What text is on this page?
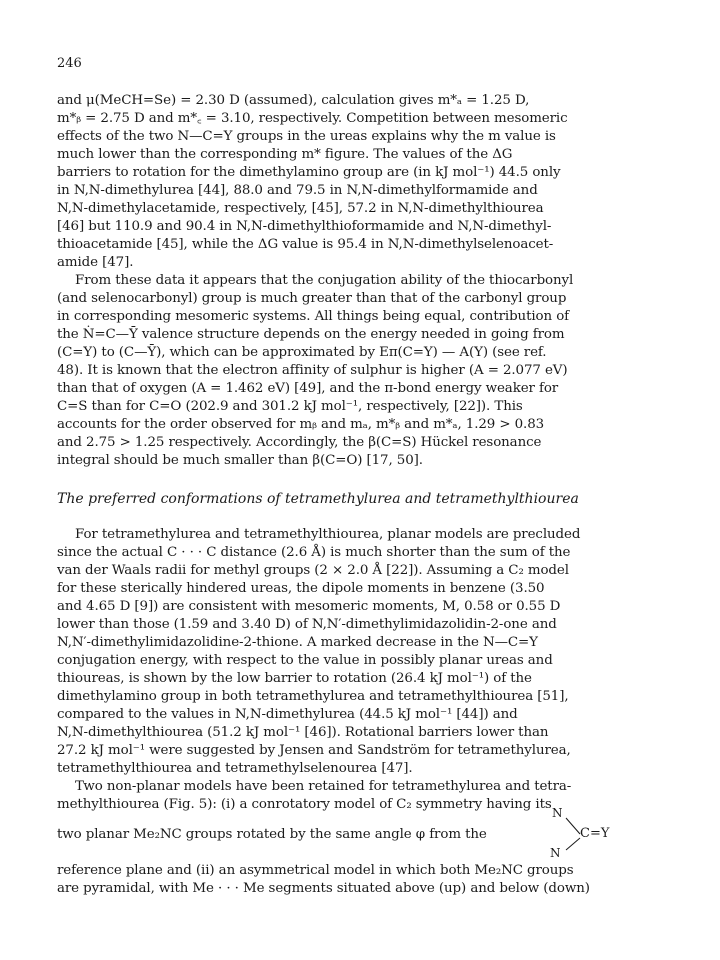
246
and μ(MeCH=Se) = 2.30 D (assumed), calculation gives m*ₐ = 1.25 D,
m*ᵦ = 2.75 D and m*꜀ = 3.10, respectively. Competition between mesomeric
effects of the two N—C=Y groups in the ureas explains why the m value is
much lower than the corresponding m* figure. The values of the ΔG
barriers to rotation for the dimethylamino group are (in kJ mol⁻¹) 44.5 only
in N,N-dimethylurea [44], 88.0 and 79.5 in N,N-dimethylformamide and
N,N-dimethylacetamide, respectively, [45], 57.2 in N,N-dimethylthiourea
[46] but 110.9 and 90.4 in N,N-dimethylthioformamide and N,N-dimethyl-
thioacetamide [45], while the ΔG value is 95.4 in N,N-dimethylselenoacet-
amide [47].
From these data it appears that the conjugation ability of the thiocarbonyl
(and selenocarbonyl) group is much greater than that of the carbonyl group
in corresponding mesomeric systems. All things being equal, contribution of
the Ṅ=C—Ȳ valence structure depends on the energy needed in going from
(C=Y) to (C—Ȳ), which can be approximated by Eπ(C=Y) — A(Y) (see ref.
48). It is known that the electron affinity of sulphur is higher (A = 2.077 eV)
than that of oxygen (A = 1.462 eV) [49], and the π-bond energy weaker for
C=S than for C=O (202.9 and 301.2 kJ mol⁻¹, respectively, [22]). This
accounts for the order observed for mᵦ and mₐ, m*ᵦ and m*ₐ, 1.29 > 0.83
and 2.75 > 1.25 respectively. Accordingly, the β(C=S) Hückel resonance
integral should be much smaller than β(C=O) [17, 50].
The preferred conformations of tetramethylurea and tetramethylthiourea
For tetramethylurea and tetramethylthiourea, planar models are precluded
since the actual C · · · C distance (2.6 Å) is much shorter than the sum of the
van der Waals radii for methyl groups (2 × 2.0 Å [22]). Assuming a C₂ model
for these sterically hindered ureas, the dipole moments in benzene (3.50
and 4.65 D [9]) are consistent with mesomeric moments, M, 0.58 or 0.55 D
lower than those (1.59 and 3.40 D) of N,N′-dimethylimidazolidin-2-one and
N,N′-dimethylimidazolidine-2-thione. A marked decrease in the N—C=Y
conjugation energy, with respect to the value in possibly planar ureas and
thioureas, is shown by the low barrier to rotation (26.4 kJ mol⁻¹) of the
dimethylamino group in both tetramethylurea and tetramethylthiourea [51],
compared to the values in N,N-dimethylurea (44.5 kJ mol⁻¹ [44]) and
N,N-dimethylthiourea (51.2 kJ mol⁻¹ [46]). Rotational barriers lower than
27.2 kJ mol⁻¹ were suggested by Jensen and Sandström for tetramethylurea,
tetramethylthiourea and tetramethylselenourea [47].
Two non-planar models have been retained for tetramethylurea and tetra-
methylthiourea (Fig. 5): (i) a conrotatory model of C₂ symmetry having its
two planar Me₂NC groups rotated by the same angle φ from the
reference plane and (ii) an asymmetrical model in which both Me₂NC groups
are pyramidal, with Me · · · Me segments situated above (up) and below (down)
N
C=Y
N
